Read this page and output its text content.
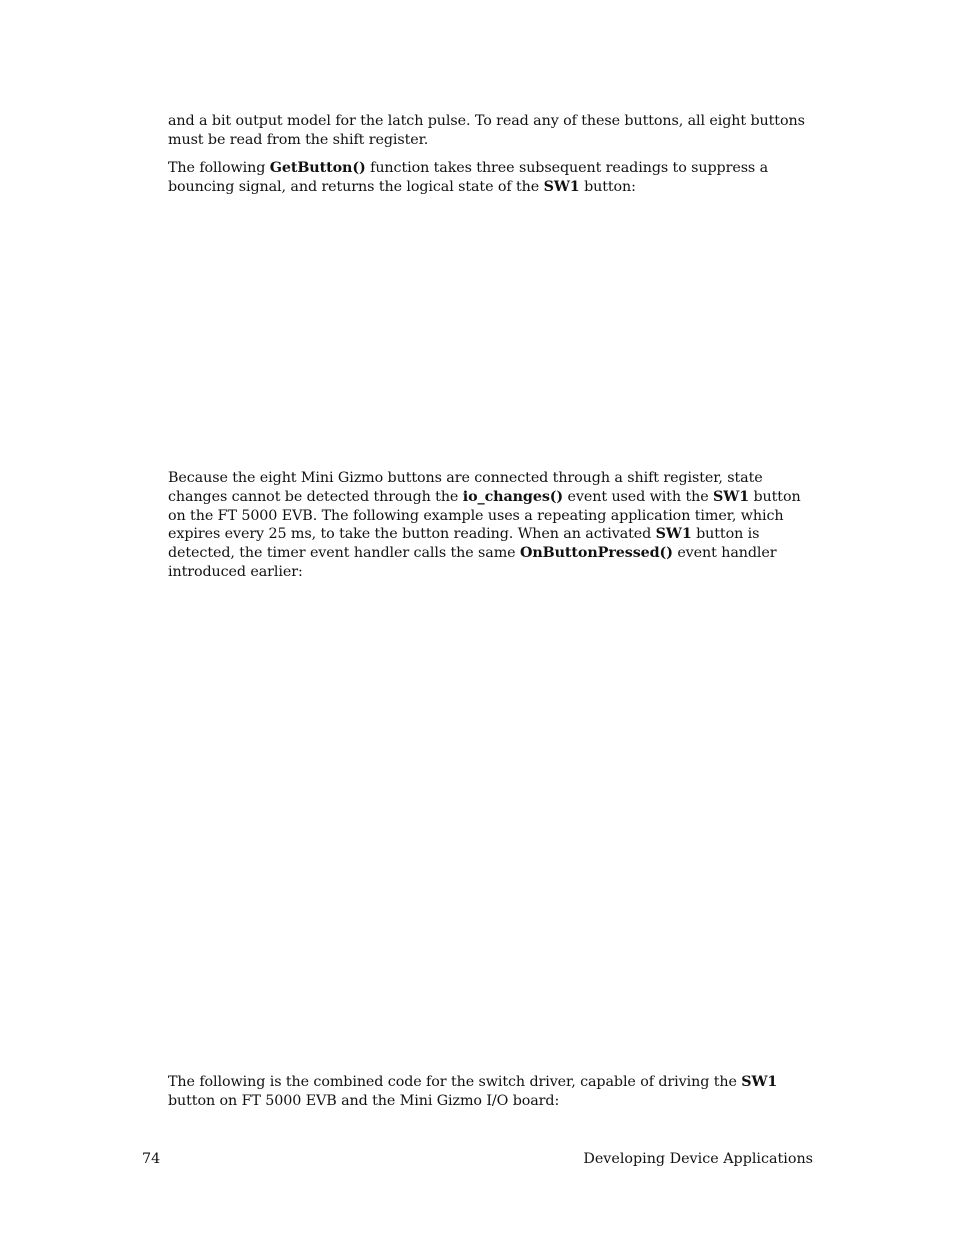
and a bit output model for the latch pulse. To read any of these buttons, all eight buttons must be read from the shift register.

The following GetButton() function takes three subsequent readings to suppress a bouncing signal, and returns the logical state of the SW1 button:

Because the eight Mini Gizmo buttons are connected through a shift register, state changes cannot be detected through the io_changes() event used with the SW1 button on the FT 5000 EVB. The following example uses a repeating application timer, which expires every 25 ms, to take the button reading. When an activated SW1 button is detected, the timer event handler calls the same OnButtonPressed() event handler introduced earlier:

The following is the combined code for the switch driver, capable of driving the SW1 button on FT 5000 EVB and the Mini Gizmo I/O board:

74	Developing Device Applications
